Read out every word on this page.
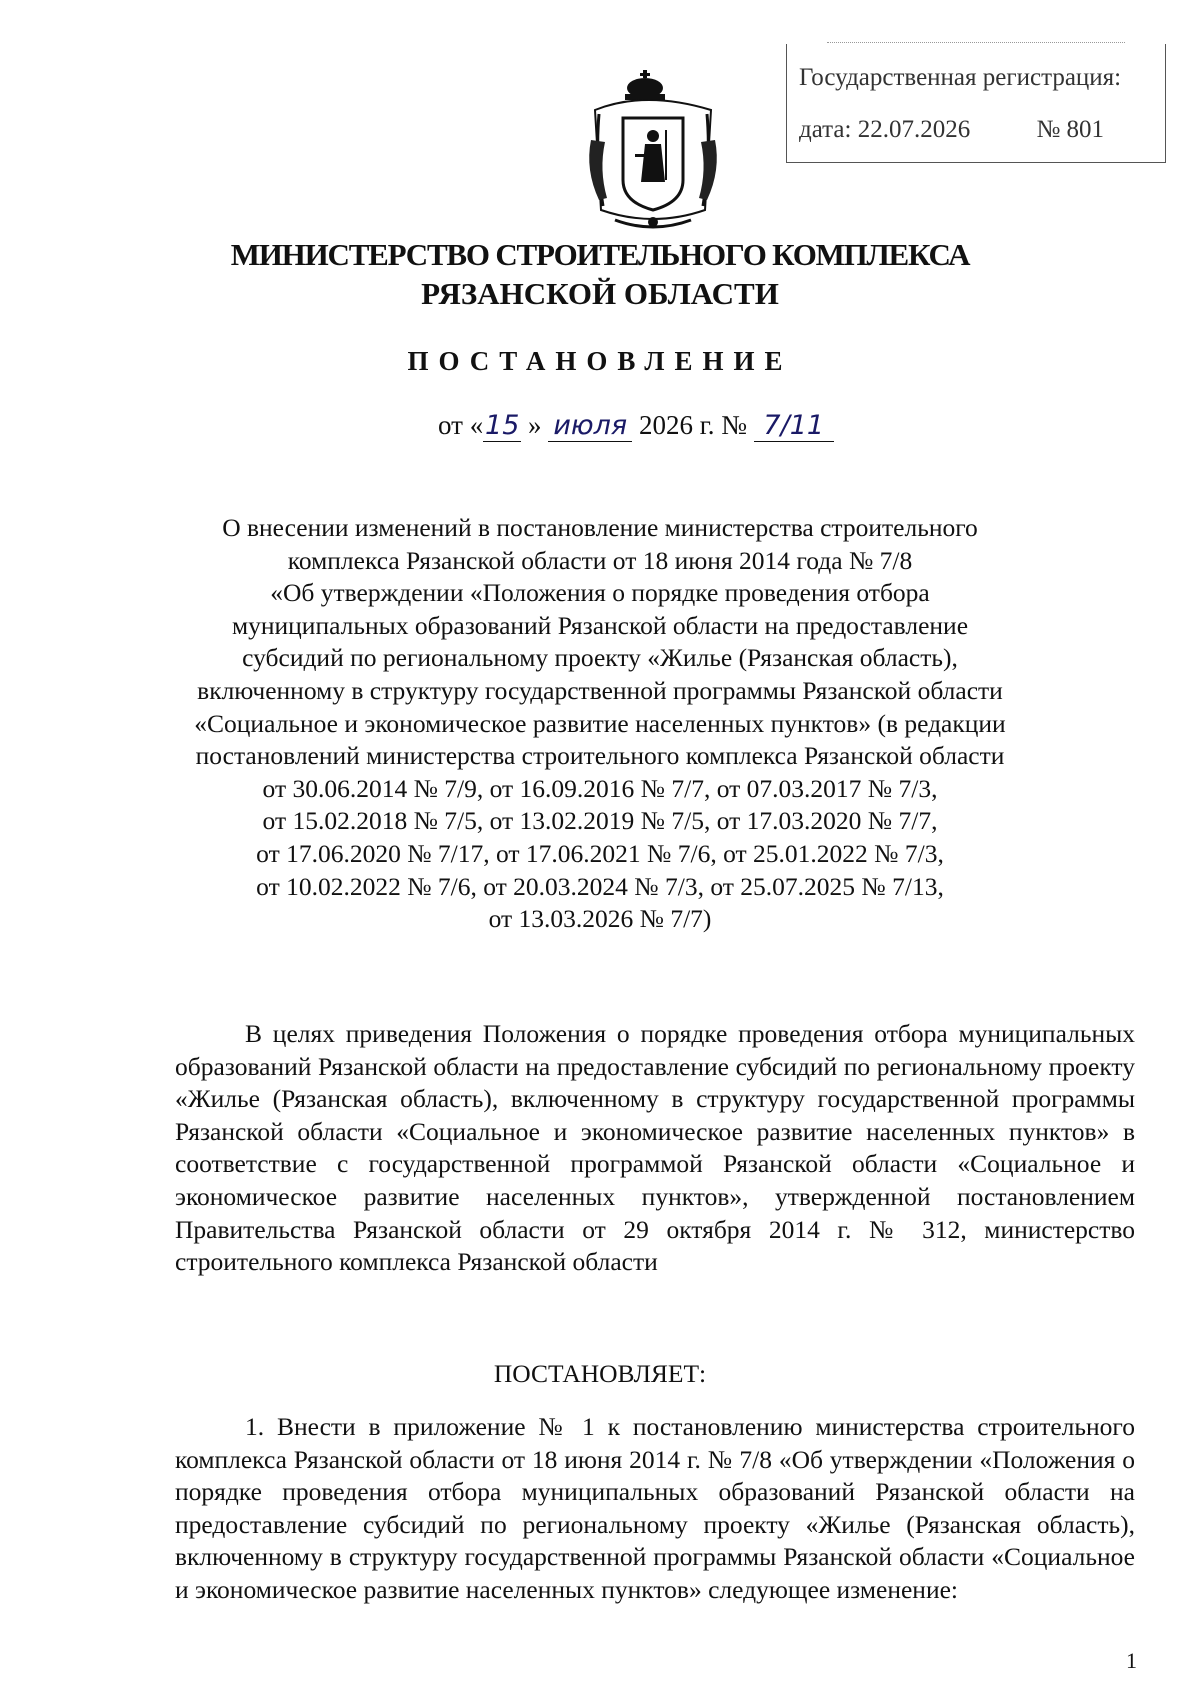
Государственная регистрация:
дата: 22.07.2026	№ 801
МИНИСТЕРСТВО СТРОИТЕЛЬНОГО КОМПЛЕКСА
РЯЗАНСКОЙ ОБЛАСТИ
ПОСТАНОВЛЕНИЕ
от «15 » июля 2026 г. № 7/11
О внесении изменений в постановление министерства строительного
комплекса Рязанской области от 18 июня 2014 года № 7/8
«Об утверждении «Положения о порядке проведения отбора
муниципальных образований Рязанской области на предоставление
субсидий по региональному проекту «Жилье (Рязанская область),
включенному в структуру государственной программы Рязанской области
«Социальное и экономическое развитие населенных пунктов» (в редакции
постановлений министерства строительного комплекса Рязанской области
от 30.06.2014 № 7/9, от 16.09.2016 № 7/7, от 07.03.2017 № 7/3,
от 15.02.2018 № 7/5, от 13.02.2019 № 7/5, от 17.03.2020 № 7/7,
от 17.06.2020 № 7/17, от 17.06.2021 № 7/6, от 25.01.2022 № 7/3,
от 10.02.2022 № 7/6, от 20.03.2024 № 7/3, от 25.07.2025 № 7/13,
от 13.03.2026 № 7/7)
В целях приведения Положения о порядке проведения отбора муниципальных образований Рязанской области на предоставление субсидий по региональному проекту «Жилье (Рязанская область), включенному в структуру государственной программы Рязанской области «Социальное и экономическое развитие населенных пунктов» в соответствие с государственной программой Рязанской области «Социальное и экономическое развитие населенных пунктов», утвержденной постановлением Правительства Рязанской области от 29 октября 2014 г. № 312, министерство строительного комплекса Рязанской области
ПОСТАНОВЛЯЕТ:
1. Внести в приложение № 1 к постановлению министерства строительного комплекса Рязанской области от 18 июня 2014 г. № 7/8 «Об утверждении «Положения о порядке проведения отбора муниципальных образований Рязанской области на предоставление субсидий по региональному проекту «Жилье (Рязанская область), включенному в структуру государственной программы Рязанской области «Социальное и экономическое развитие населенных пунктов» следующее изменение:
1
